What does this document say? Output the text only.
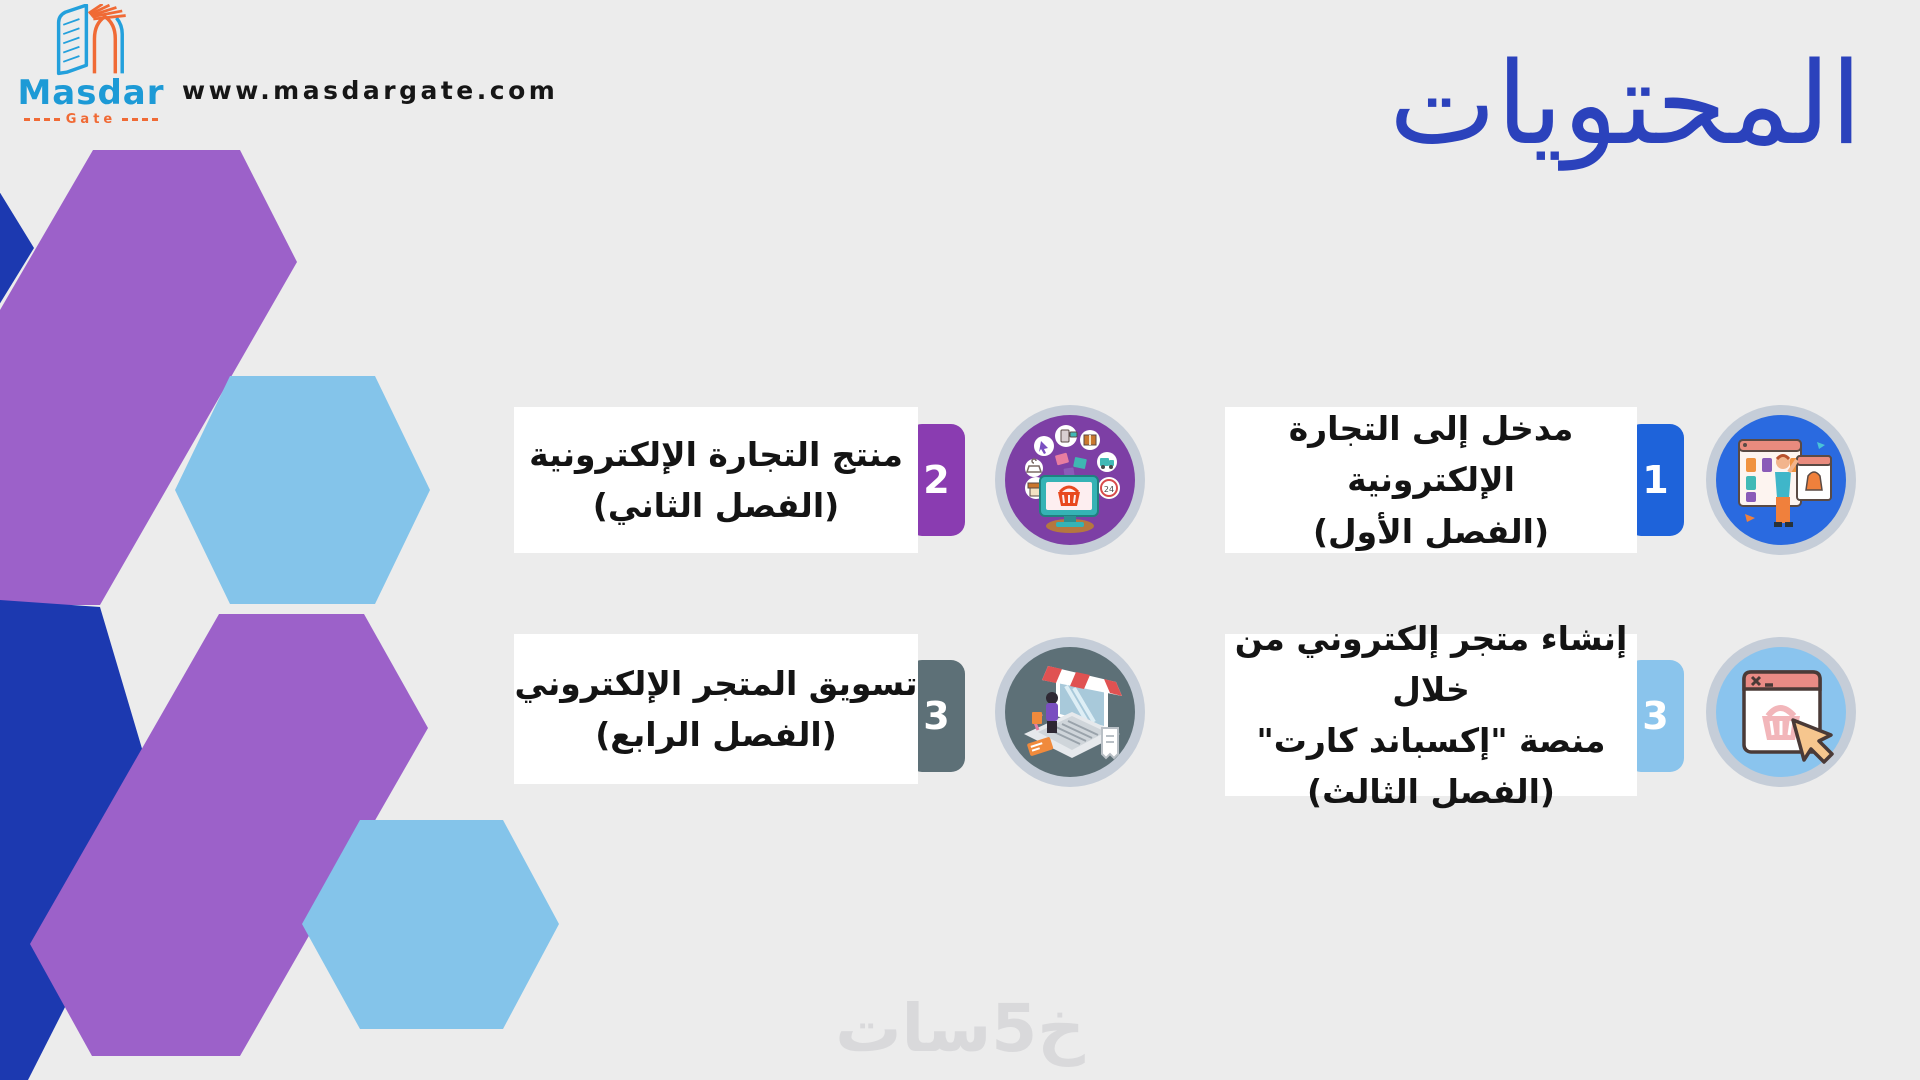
Masdar
Gate
www.masdargate.com	المحتويات
مدخل إلى التجارة الإلكترونية
(الفصل الأول)
1
منتج التجارة الإلكترونية
(الفصل الثاني)
2	24
إنشاء متجر إلكتروني من خلال
منصة "إكسباند كارت"
(الفصل الثالث)
3
تسويق المتجر الإلكتروني
(الفصل الرابع) 3
خ5سات
